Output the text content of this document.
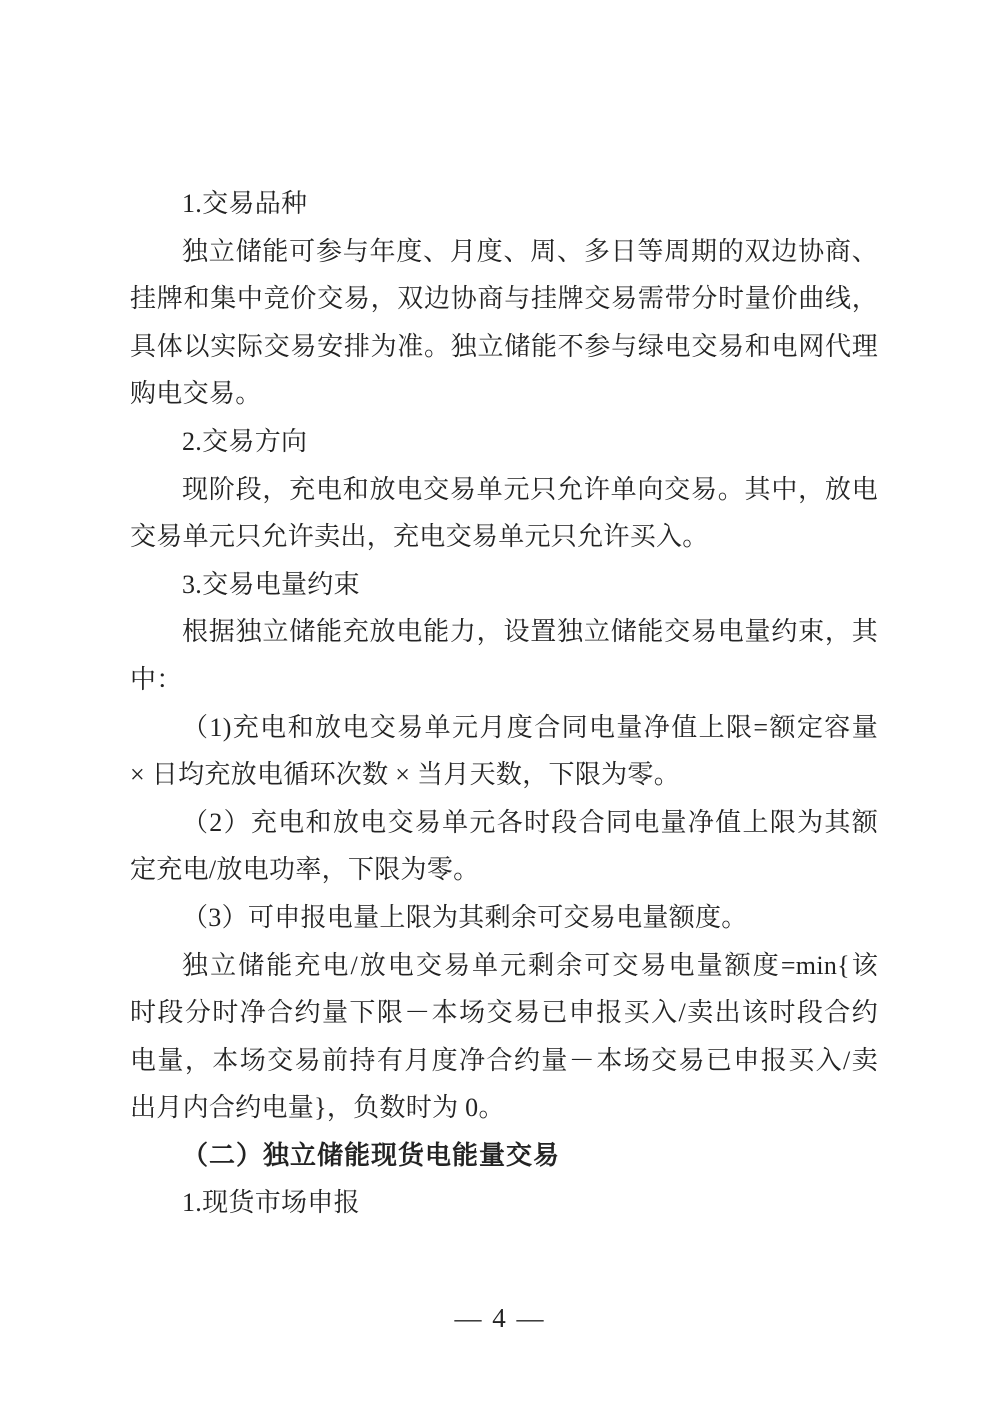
1.交易品种
独立储能可参与年度、月度、周、多日等周期的双边协商、
挂牌和集中竞价交易，双边协商与挂牌交易需带分时量价曲线，
具体以实际交易安排为准。独立储能不参与绿电交易和电网代理
购电交易。
2.交易方向
现阶段，充电和放电交易单元只允许单向交易。其中，放电
交易单元只允许卖出，充电交易单元只允许买入。
3.交易电量约束
根据独立储能充放电能力，设置独立储能交易电量约束，其
中：
（1)充电和放电交易单元月度合同电量净值上限=额定容量
× 日均充放电循环次数 × 当月天数，下限为零。
（2）充电和放电交易单元各时段合同电量净值上限为其额
定充电/放电功率，下限为零。
（3）可申报电量上限为其剩余可交易电量额度。
独立储能充电/放电交易单元剩余可交易电量额度=min{该
时段分时净合约量下限－本场交易已申报买入/卖出该时段合约
电量，本场交易前持有月度净合约量－本场交易已申报买入/卖
出月内合约电量}，负数时为 0。
（二）独立储能现货电能量交易
1.现货市场申报
— 4 —
